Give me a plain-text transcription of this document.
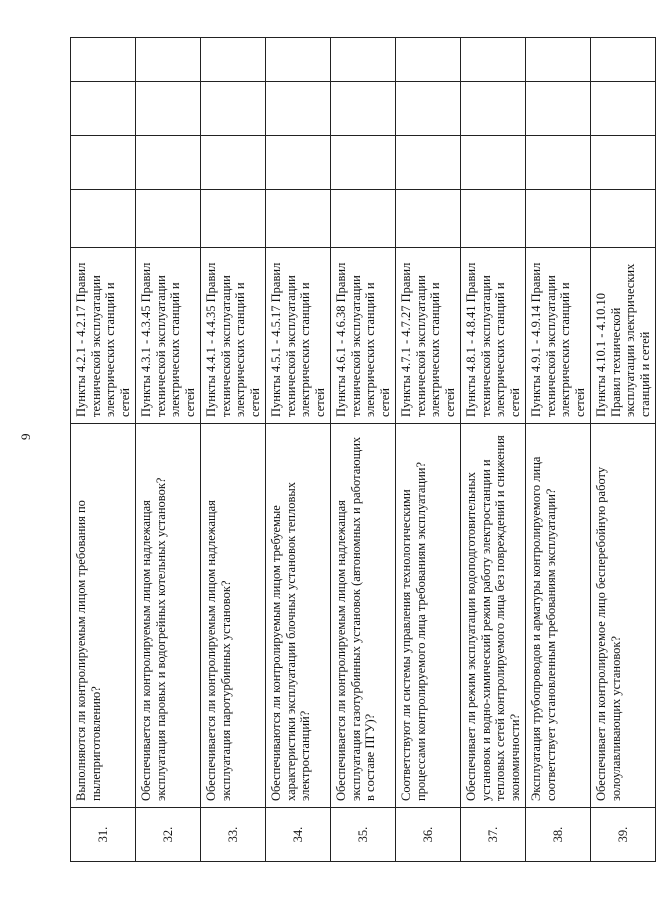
9
31.	Выполняются ли контролируемым лицом требования по пылеприготовлению?	Пункты 4.2.1 - 4.2.17 Правил технической эксплуатации электрических станций и сетей				
32.	Обеспечивается ли контролируемым лицом надлежащая эксплуатация паровых и водогрейных котельных установок?	Пункты 4.3.1 - 4.3.45 Правил технической эксплуатации электрических станций и сетей				
33.	Обеспечивается ли контролируемым лицом надлежащая эксплуатация паротурбинных установок?	Пункты 4.4.1 - 4.4.35 Правил технической эксплуатации электрических станций и сетей				
34.	Обеспечиваются ли контролируемым лицом требуемые характеристики эксплуатации блочных установок тепловых электростанций?	Пункты 4.5.1 - 4.5.17 Правил технической эксплуатации электрических станций и сетей				
35.	Обеспечивается ли контролируемым лицом надлежащая эксплуатация газотурбинных установок (автономных и работающих в составе ПГУ)?	Пункты 4.6.1 - 4.6.38 Правил технической эксплуатации электрических станций и сетей				
36.	Соответствуют ли системы управления технологическими процессами контролируемого лица требованиям эксплуатации?	Пункты 4.7.1 - 4.7.27 Правил технической эксплуатации электрических станций и сетей				
37.	Обеспечивает ли режим эксплуатации водоподготовительных установок и водно-химический режим работу электростанции и тепловых сетей контролируемого лица без повреждений и снижения экономичности?	Пункты 4.8.1 - 4.8.41 Правил технической эксплуатации электрических станций и сетей				
38.	Эксплуатация трубопроводов и арматуры контролируемого лица соответствует установленным требованиям эксплуатации?	Пункты 4.9.1 - 4.9.14 Правил технической эксплуатации электрических станций и сетей				
39.	Обеспечивает ли контролируемое лицо бесперебойную работу золоулавливающих установок?	Пункты 4.10.1 - 4.10.10 Правил технической эксплуатации электрических станций и сетей				
